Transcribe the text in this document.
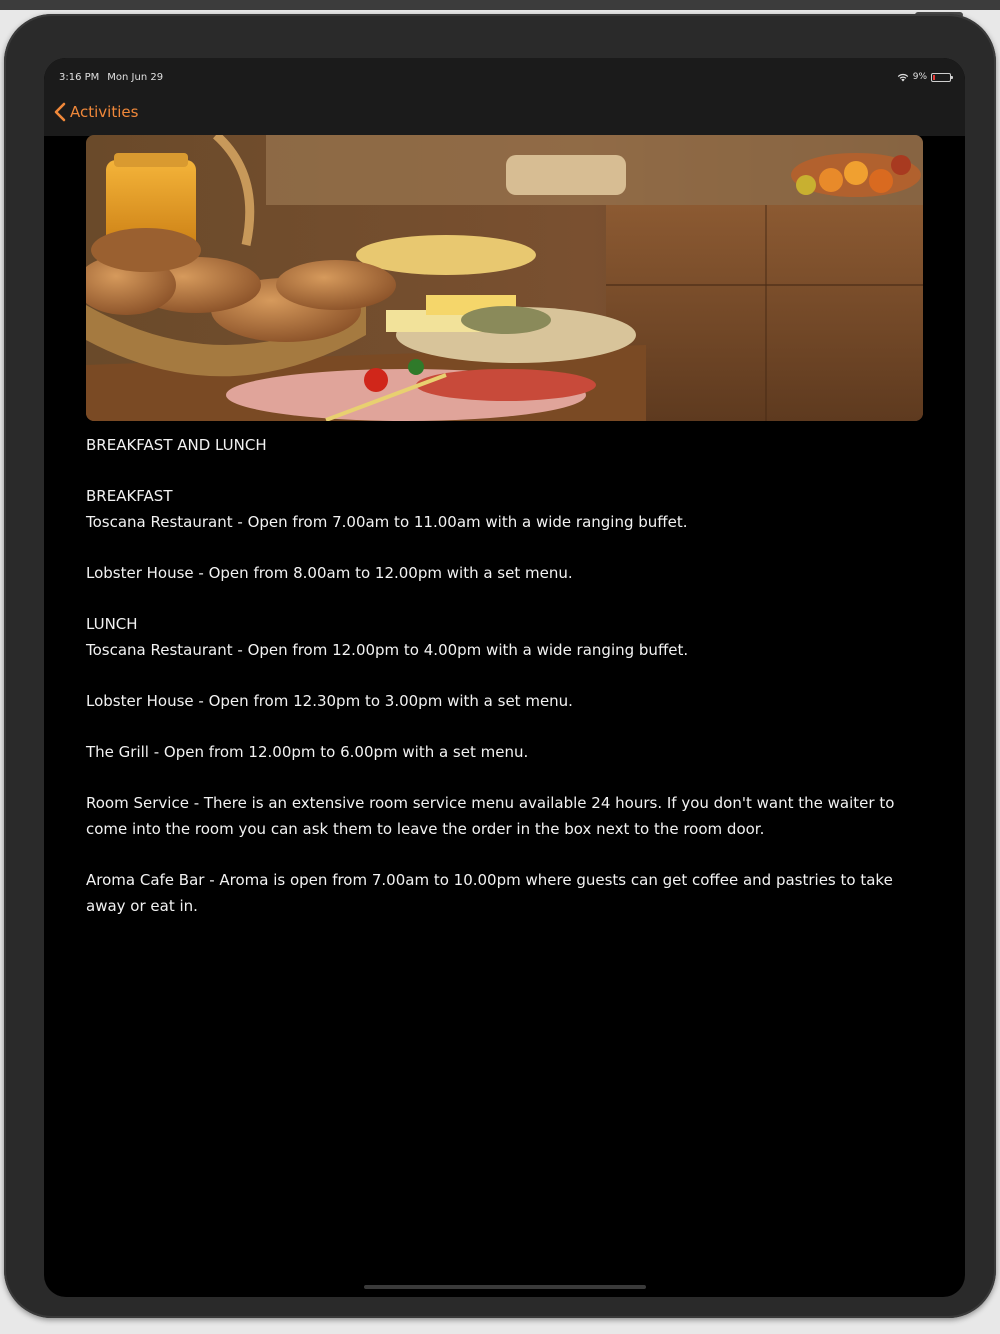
3:16 PM Mon Jun 29	9%
Activities

BREAKFAST AND LUNCH

BREAKFAST

Toscana Restaurant - Open from 7.00am to 11.00am with a wide ranging buffet.

Lobster House - Open from 8.00am to 12.00pm with a set menu.

LUNCH

Toscana Restaurant - Open from 12.00pm to 4.00pm with a wide ranging buffet.

Lobster House - Open from 12.30pm to 3.00pm with a set menu.

The Grill - Open from 12.00pm to 6.00pm with a set menu.

Room Service - There is an extensive room service menu available 24 hours. If you don't want the waiter to come into the room you can ask them to leave the order in the box next to the room door.

Aroma Cafe Bar - Aroma is open from 7.00am to 10.00pm where guests can get coffee and pastries to take away or eat in.
